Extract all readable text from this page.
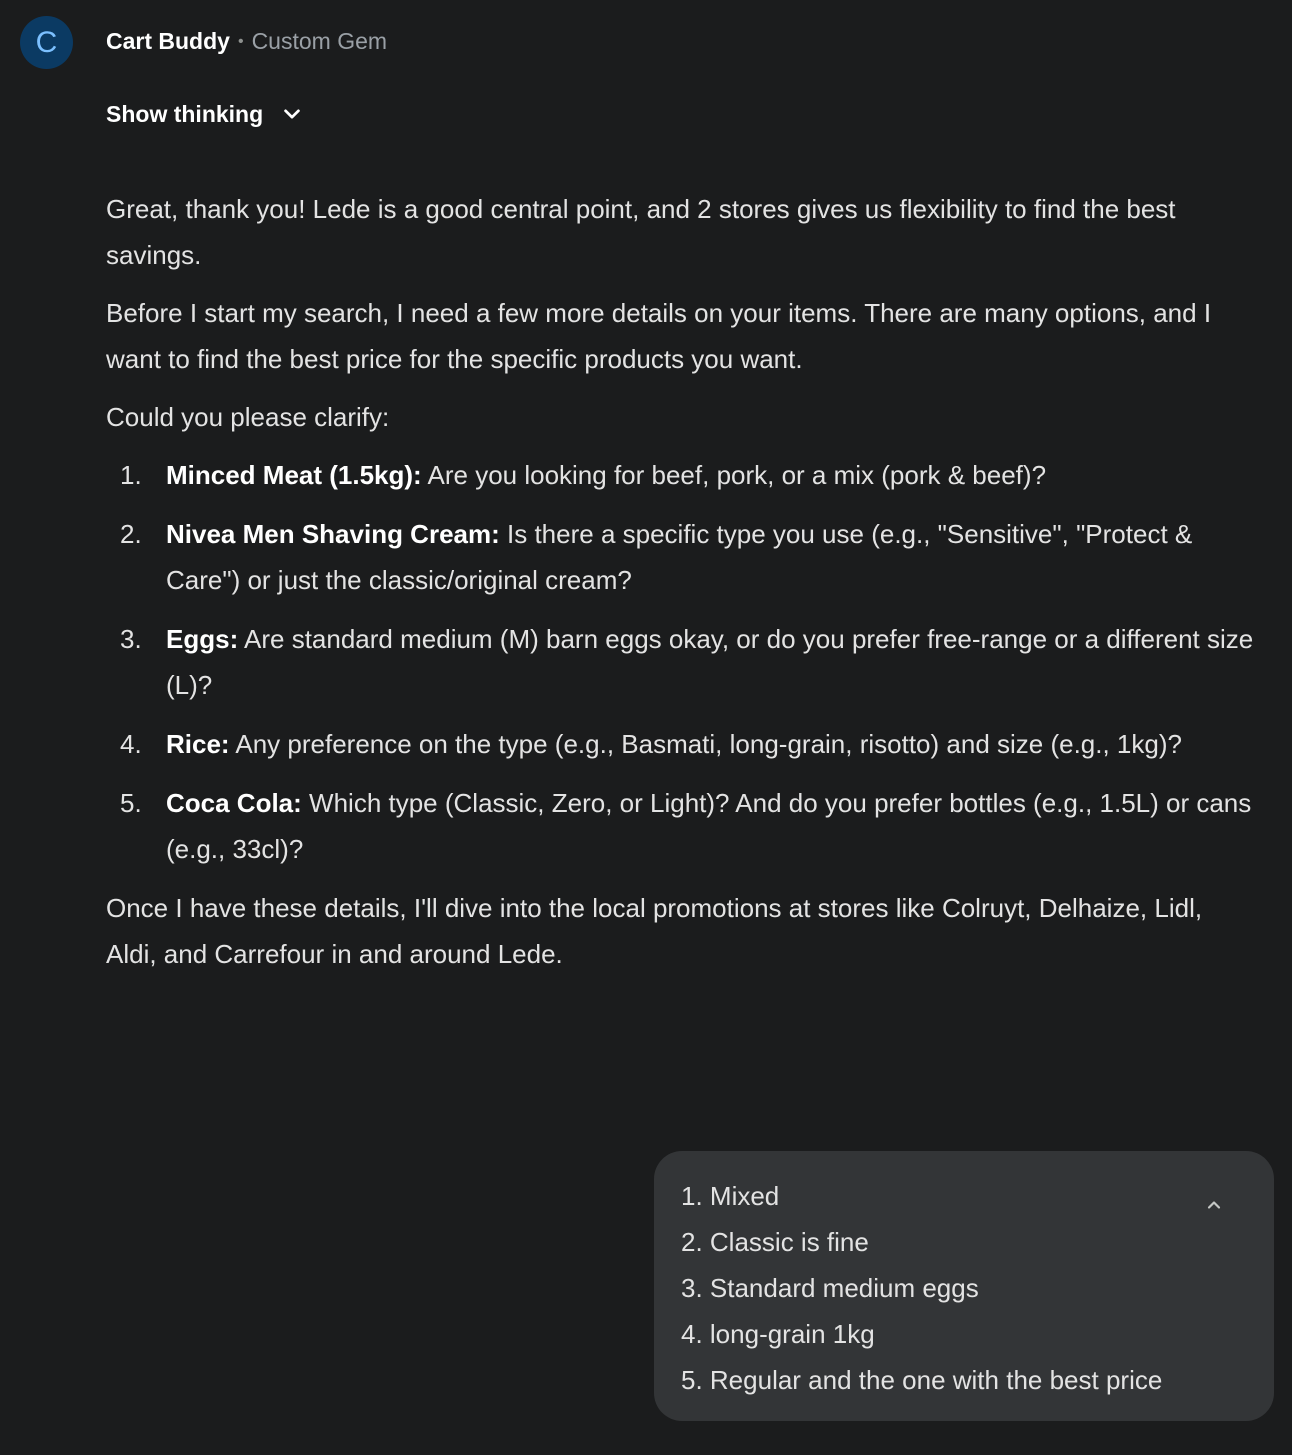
C Cart Buddy • Custom Gem
Show thinking

Great, thank you! Lede is a good central point, and 2 stores gives us flexibility to find the best savings.

Before I start my search, I need a few more details on your items. There are many options, and I want to find the best price for the specific products you want.

Could you please clarify:

1. Minced Meat (1.5kg): Are you looking for beef, pork, or a mix (pork & beef)?
2. Nivea Men Shaving Cream: Is there a specific type you use (e.g., "Sensitive", "Protect & Care") or just the classic/original cream?
3. Eggs: Are standard medium (M) barn eggs okay, or do you prefer free-range or a different size (L)?
4. Rice: Any preference on the type (e.g., Basmati, long-grain, risotto) and size (e.g., 1kg)?
5. Coca Cola: Which type (Classic, Zero, or Light)? And do you prefer bottles (e.g., 1.5L) or cans (e.g., 33cl)?

Once I have these details, I'll dive into the local promotions at stores like Colruyt, Delhaize, Lidl, Aldi, and Carrefour in and around Lede.

1. Mixed
2. Classic is fine
3. Standard medium eggs
4. long-grain 1kg
5. Regular and the one with the best price
